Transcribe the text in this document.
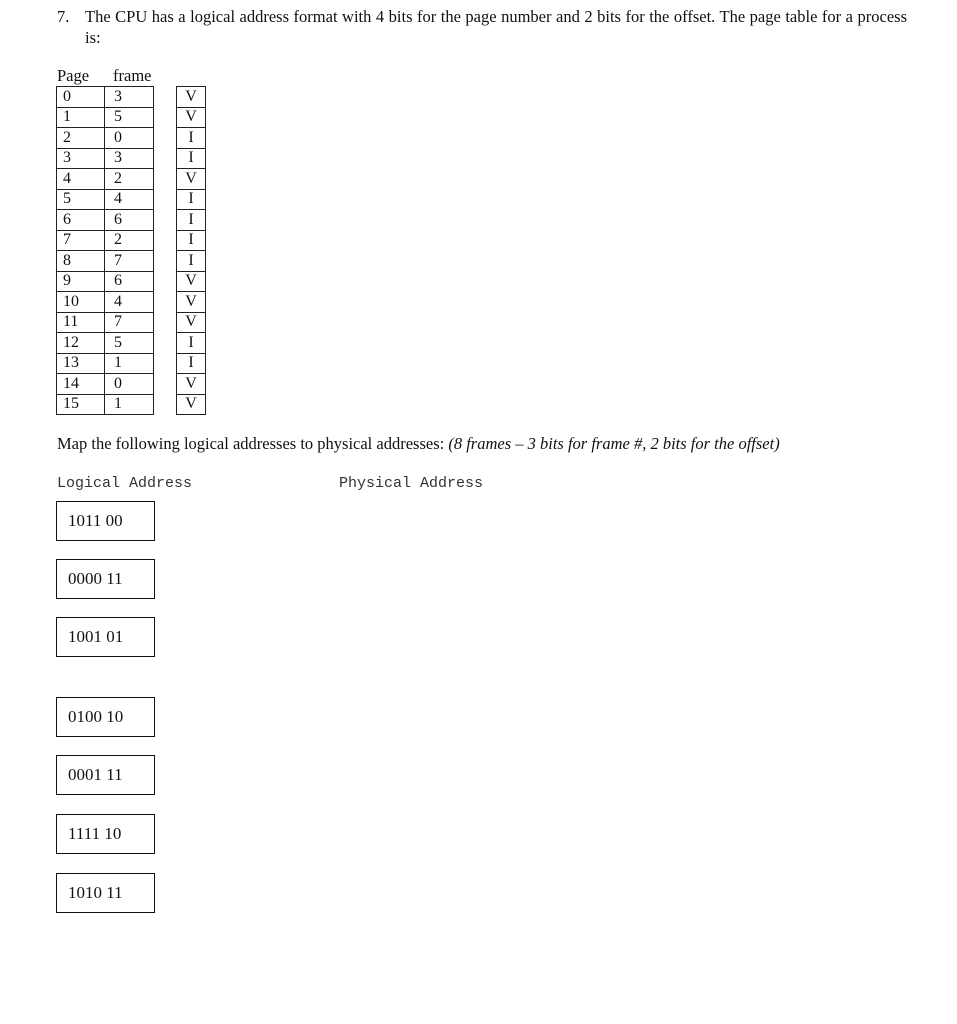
7. The CPU has a logical address format with 4 bits for the page number and 2 bits for the offset. The page table for a process is:
Page frame
0	3		V
1	5		V
2	0		I
3	3		I
4	2		V
5	4		I
6	6		I
7	2		I
8	7		I
9	6		V
10	4		V
11	7		V
12	5		I
13	1		I
14	0		V
15	1		V
Map the following logical addresses to physical addresses: (8 frames – 3 bits for frame #, 2 bits for the offset)
Logical Address	Physical Address
1011 00
0000 11
1001 01
0100 10
0001 11
1111 10
1010 11
